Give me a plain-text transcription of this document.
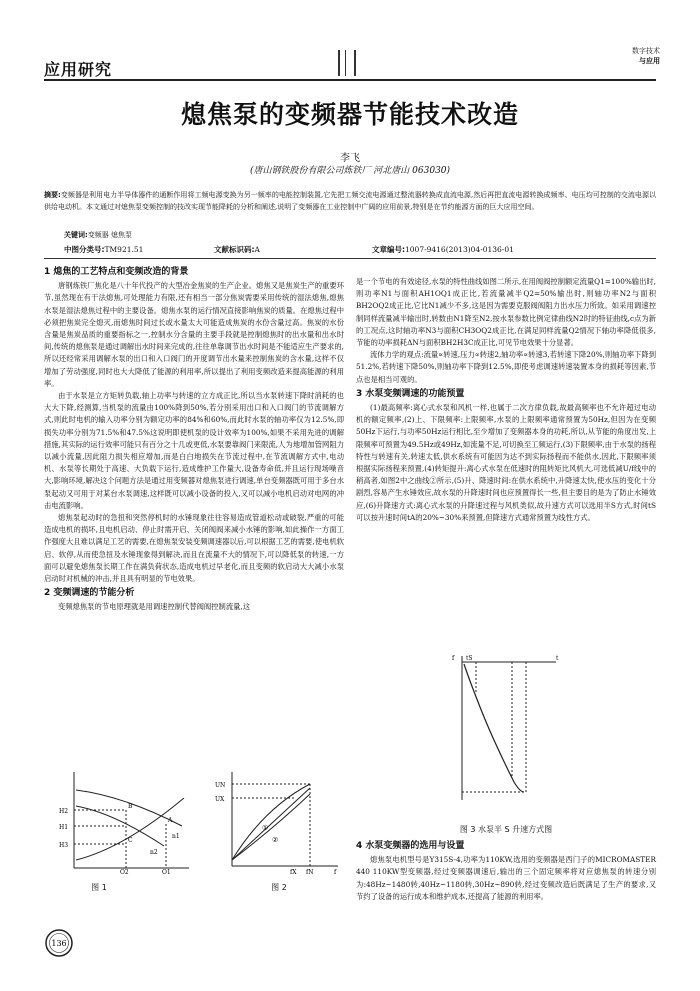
应用研究
数字技术
与应用
熄焦泵的变频器节能技术改造
李飞
(唐山钢铁股份有限公司炼铁厂 河北唐山 063030)
摘要:变频器是利用电力半导体器件的通断作用将工频电源变换为另一频率的电能控制装置,它先把工频交流电源通过整流器转换成直流电源,然后再把直流电源转换成频率、电压均可控制的交流电源以供给电动机。本文通过对熄焦泵变频控制的技改实现节能降耗的分析和阐述,说明了变频器在工业控制中广阔的应用前景,特别是在节约能源方面的巨大应用空间。
关键词:变频器 熄焦泵
中图分类号:TM921.51	文献标识码:A	文章编号:1007-9416(2013)04-0136-01

1 熄焦的工艺特点和变频改造的背景

唐钢炼铁厂焦化是八十年代投产的大型冶金焦炭的生产企业。熄焦又是焦炭生产的重要环节,虽然现在有干法熄焦,可处理能力有限,还有相当一部分焦炭需要采用传统的湿法熄焦,熄焦水泵是湿法熄焦过程中的主要设备。熄焦水泵的运行情况直接影响焦炭的质量。在熄焦过程中必须把焦炭完全熄灭,而熄焦时间过长或水量太大可能造成焦炭的水份含量过高。焦炭的水份含量是焦炭品质的重要指标之一,控制水分含量的主要手段就是控制熄焦时的出水量和出水时间,传统的熄焦泵是通过调解出水时间来完成的,往往单靠调节出水时间是不能适应生产要求的,所以还经常采用调解水泵的出口和入口阀门的开度调节出水量来控制焦炭的含水量,这样不仅增加了劳动强度,同时也大大降低了能源的利用率,所以提出了利用变频改造来提高能源的利用率。

由于水泵是立方矩转负载,轴上功率与转速的立方成正比,所以当水泵转速下降时消耗的也大大下降,经测算,当机泵的流量由100%降到50%,若分别采用出口和入口阀门的节流调解方式,则此时电机的输入功率分别为额定功率的84%和60%,而此时水泵的轴功率仅为12.5%,即损失功率分别为71.5%和47.5%这说明即使机泵的设计效率为100%,如果不采用先进的调解措施,其实际的运行效率可能只有百分之十几或更低,水泵要靠阀门来限流,人为地增加管网阻力以减小流量,因此阻力损失相应增加,而是白白地损失在节流过程中,在节流调解方式中,电动机、水泵等长期处于高速、大负载下运行,造成维护工作量大,设备寿命低,并且运行现场噪音大,影响环境,解决这个问题方法是通过用变频器对熄焦泵进行调速,单台变频器既可用于多台水泵起动又可用于对某台水泵调速,这样既可以减小设备的投入,又可以减小电机启动对电网的冲击电流影响。

熄焦泵起动时的急扭和突然停机时的水锤现象往往容易造成管道松动或破裂,严重的可能造成电机的损坏,且电机启动、停止时需开启、关闭阀阀来减小水锤的影响,如此操作一方面工作强度大且难以满足工艺的需要,在熄焦泵安装变频调速器以后,可以根据工艺的需要,使电机软启、软停,从而使急扭及水锤现象得到解决,而且在流量不大的情况下,可以降低泵的转速,一方面可以避免熄焦泵长期工作在满负荷状态,造成电机过早老化,而且变频的软启动大大减小水泵启动时对机械的冲击,并且具有明显的节电效果。

2 变频调速的节能分析

变频熄焦泵的节电原理就是用调速控制代替阀阀控制流量,这

H2
H1
H3
Q2	Q1
B
A
C
n1
n2
图 1
UN
UX
①
②
fN
fX	f
图 2

是一个节电的有效途径,水泵的特性曲线如图二所示,在用阀阀控制额定流量Q1=100%输出时,则功率N1与面积AH1OQ1成正比,若流量减半Q2=50%输出时,则轴功率N2与面积BH2OQ2成正比,它比N1减少不多,这是因为需要克服阀阀阻力出水压力所致。如采用调速控制同样流量减半输出时,转数由N1降至N2,按水泵参数比例定律曲线N2时的特征曲线,c点为新的工况点,这时轴功率N3与面积CH3OQ2成正比,在满足同样流量Q2情况下轴功率降低很多,节能的功率损耗ΔN与面积BH2H3C成正比,可见节电效果十分显著。

流体力学的观点:流量∝转速,压力∝转速2,轴功率∝转速3,若转速下降20%,则轴功率下降到51.2%,若转速下降50%,则轴功率下降到12.5%,即使考虑调速转速装置本身的损耗等因素,节点也是相当可观的。

3 水泵变频调速的功能预置

(1)最高频率:离心式水泵和风机一样,也属于二次方律负载,故最高频率也不允许超过电动机的额定频率,(2)上、下限频率:上限频率,水泵的上限频率通常预置为50Hz,但因为在变频50Hz下运行,与功率50Hz运行相比,至少增加了变频器本身的功耗,所以,从节能的角度出发,上限频率可预置为49.5Hz或49Hz,如流量不足,可切换至工频运行,(3)下限频率,由于水泵的扬程特性与转速有关,转速太低,供水系统有可能因为达不到实际扬程而不能供水,因此,下限频率须根据实际扬程来预置,(4)转矩提升:离心式水泵在低速时的阻转矩比风机大,可选低减U/f线中的稍高者,如图2中之曲线②所示,(5)升、降速时间:在供水系统中,升降速太快,使水压的变化十分剧烈,容易产生水锤效应,故水泵的升降速时间也应预置得长一些,但主要目的是为了防止水锤效应,(6)升降速方式:离心式水泵的升降速过程与风机类似,故升速方式可以选用半S方式,时间tS可以按升速时间tA的20%~30%来预置,但降速方式通常预置为线性方式。

f	t
tS
图 3 水泵半 S 升速方式图

4 水泵变频器的选用与设置

熄焦泵电机型号是Y315S-4,功率为110KW,选用的变频器是西门子的MICROMASTER 440 110KW型变频器,经过变频器调速后,输出的三个固定频率将对应熄焦泵的转速分别为:48Hz~1480转,40Hz~1180转,30Hz~890转,经过变频改造后既满足了生产的要求,又节约了设备的运行成本和维护成本,还提高了能源的利用率。

136
